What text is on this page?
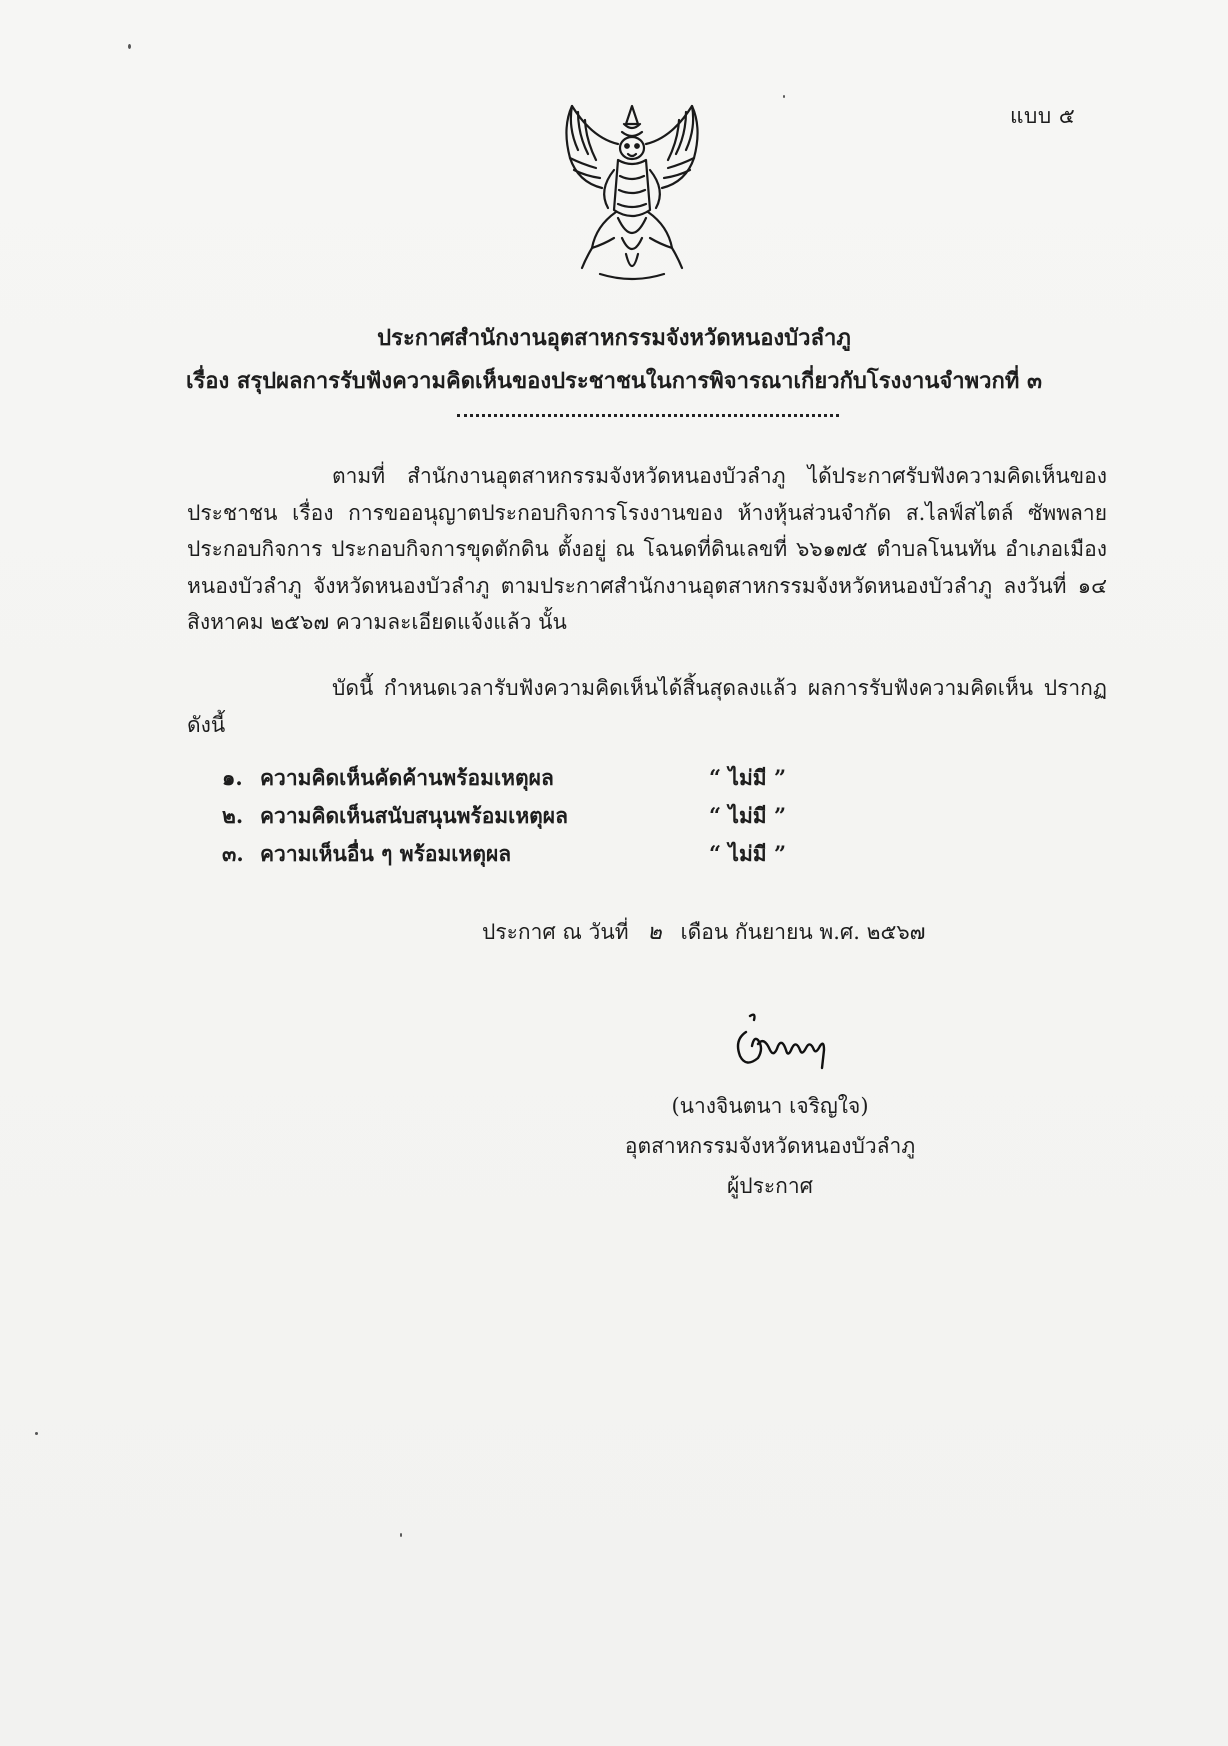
แบบ ๕
ประกาศสำนักงานอุตสาหกรรมจังหวัดหนองบัวลำภู
เรื่อง สรุปผลการรับฟังความคิดเห็นของประชาชนในการพิจารณาเกี่ยวกับโรงงานจำพวกที่ ๓
ตามที่ สำนักงานอุตสาหกรรมจังหวัดหนองบัวลำภู ได้ประกาศรับฟังความคิดเห็นของประชาชน เรื่อง การขออนุญาตประกอบกิจการโรงงานของ ห้างหุ้นส่วนจำกัด ส.ไลฟ์สไตล์ ซัพพลาย ประกอบกิจการ ประกอบกิจการขุดตักดิน ตั้งอยู่ ณ โฉนดที่ดินเลขที่ ๖๖๑๗๕ ตำบลโนนทัน อำเภอเมืองหนองบัวลำภู จังหวัดหนองบัวลำภู ตามประกาศสำนักงานอุตสาหกรรมจังหวัดหนองบัวลำภู ลงวันที่ ๑๔ สิงหาคม ๒๕๖๗ ความละเอียดแจ้งแล้ว นั้น
บัดนี้ กำหนดเวลารับฟังความคิดเห็นได้สิ้นสุดลงแล้ว ผลการรับฟังความคิดเห็น ปรากฏ ดังนี้
๑. ความคิดเห็นคัดค้านพร้อมเหตุผล	“ ไม่มี ”
๒. ความคิดเห็นสนับสนุนพร้อมเหตุผล	“ ไม่มี ”
๓. ความเห็นอื่น ๆ พร้อมเหตุผล	“ ไม่มี ”
ประกาศ ณ วันที่ ๒ เดือน กันยายน พ.ศ. ๒๕๖๗
(นางจินตนา เจริญใจ)
อุตสาหกรรมจังหวัดหนองบัวลำภู
ผู้ประกาศ
